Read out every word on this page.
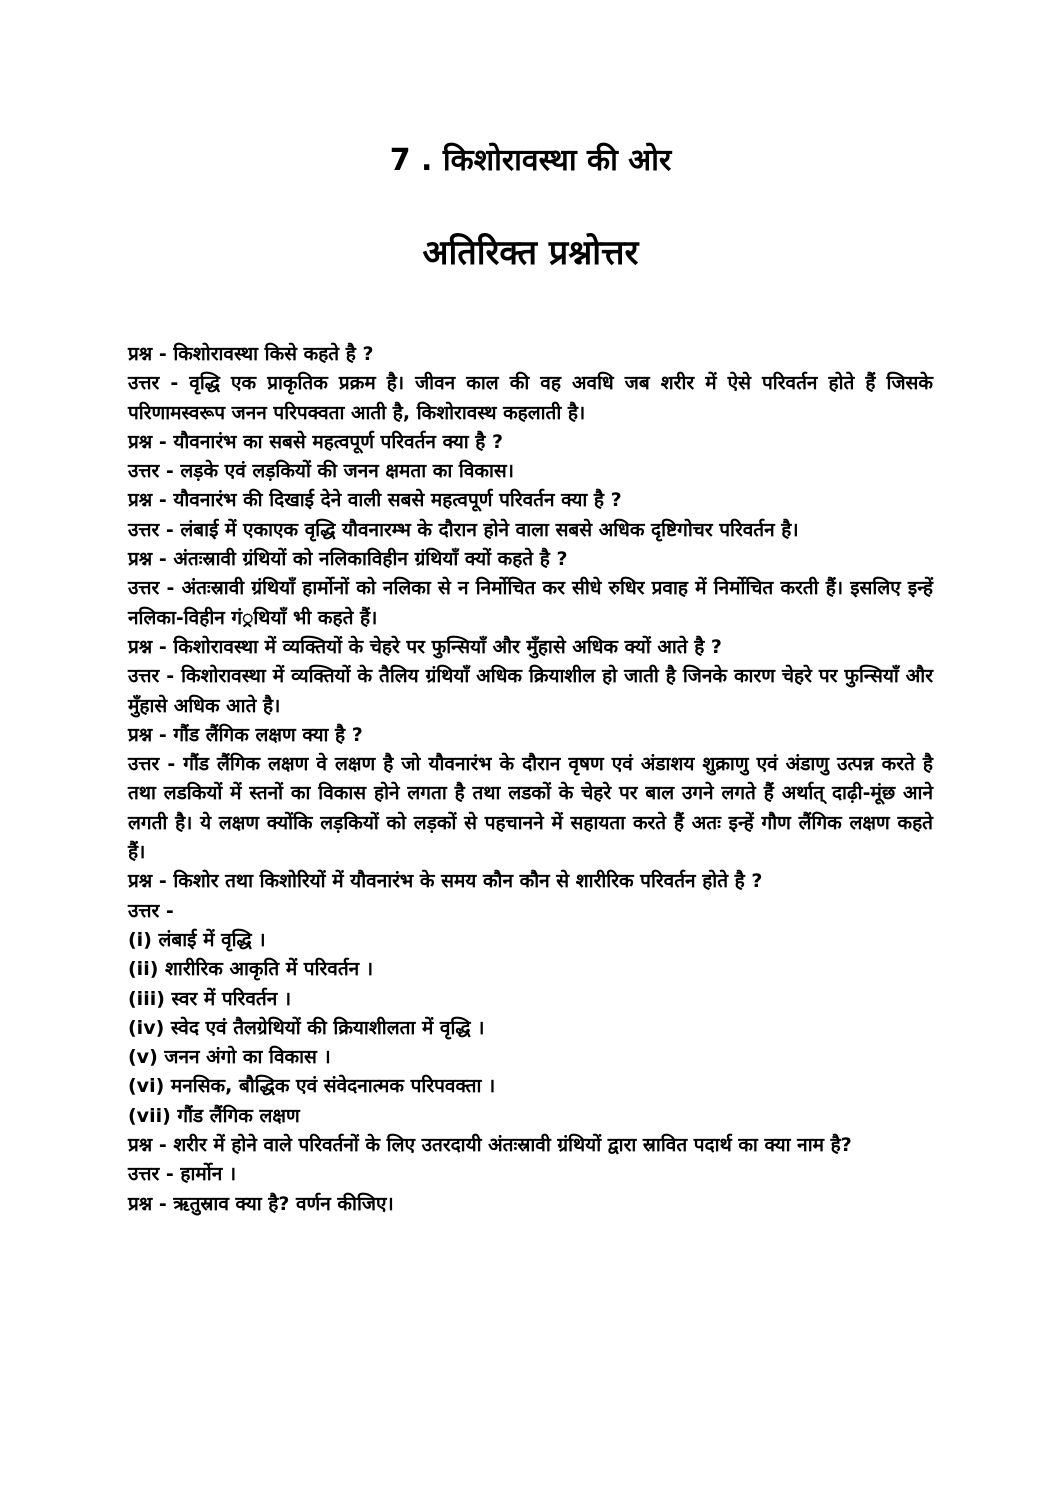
7 . किशोरावस्था की ओर
अतिरिक्त प्रश्नोत्तर

प्रश्न - किशोरावस्था किसे कहते है ?

उत्तर - वृद्धि एक प्राकृतिक प्रक्रम है। जीवन काल की वह अवधि जब शरीर में ऐसे परिवर्तन होते हैं जिसके परिणामस्वरूप जनन परिपक्वता आती है, किशोरावस्थ कहलाती है।

प्रश्न - यौवनारंभ का सबसे महत्वपूर्ण परिवर्तन क्या है ?

उत्तर - लड़के एवं लड़कियों की जनन क्षमता का विकास।

प्रश्न - यौवनारंभ की दिखाई देने वाली सबसे महत्वपूर्ण परिवर्तन क्या है ?

उत्तर - लंबाई में एकाएक वृद्धि यौवनारम्भ के दौरान होने वाला सबसे अधिक दृष्टिगोचर परिवर्तन है।

प्रश्न - अंतःस्रावी ग्रंथियों को नलिकाविहीन ग्रंथियाँ क्यों कहते है ?

उत्तर - अंतःस्रावी ग्रंथियाँ हार्मोनों को नलिका से न निर्मोचित कर सीधे रुधिर प्रवाह में निर्मोचित करती हैं। इसलिए इन्हें नलिका-विहीन गं्रथियाँ भी कहते हैं।

प्रश्न - किशोरावस्था में व्यक्तियों के चेहरे पर फुन्सियाँ और मुँहासे अधिक क्यों आते है ?

उत्तर - किशोरावस्था में व्यक्तियों के तैलिय ग्रंथियाँ अधिक क्रियाशील हो जाती है जिनके कारण चेहरे पर फुन्सियाँ और मुँहासे अधिक आते है।

प्रश्न - गौंड लैंगिक लक्षण क्या है ?

उत्तर - गौंड लैंगिक लक्षण वे लक्षण है जो यौवनारंभ के दौरान वृषण एवं अंडाशय शुक्राणु एवं अंडाणु उत्पन्न करते है तथा लडकियों में स्तनों का विकास होने लगता है तथा लडकों के चेहरे पर बाल उगने लगते हैं अर्थात् दाढ़ी-मूंछ आने लगती है। ये लक्षण क्योंकि लड़कियों को लड़कों से पहचानने में सहायता करते हैं अतः इन्हें गौण लैंगिक लक्षण कहते हैं।

प्रश्न - किशोर तथा किशोरियों में यौवनारंभ के समय कौन कौन से शारीरिक परिवर्तन होते है ?

उत्तर -

(i) लंबाई में वृद्धि ।

(ii) शारीरिक आकृति में परिवर्तन ।

(iii) स्वर में परिवर्तन ।

(iv) स्वेद एवं तैलग्रेथियों की क्रियाशीलता में वृद्धि ।

(v) जनन अंगो का विकास ।

(vi) मनसिक, बौद्धिक एवं संवेदनात्मक परिपवक्ता ।

(vii) गौंड लैंगिक लक्षण

प्रश्न - शरीर में होने वाले परिवर्तनों के लिए उतरदायी अंतःस्रावी ग्रंथियों द्वारा स्रावित पदार्थ का क्या नाम है?

उत्तर - हार्मोन ।

प्रश्न - ऋतुस्राव क्या है? वर्णन कीजिए।
